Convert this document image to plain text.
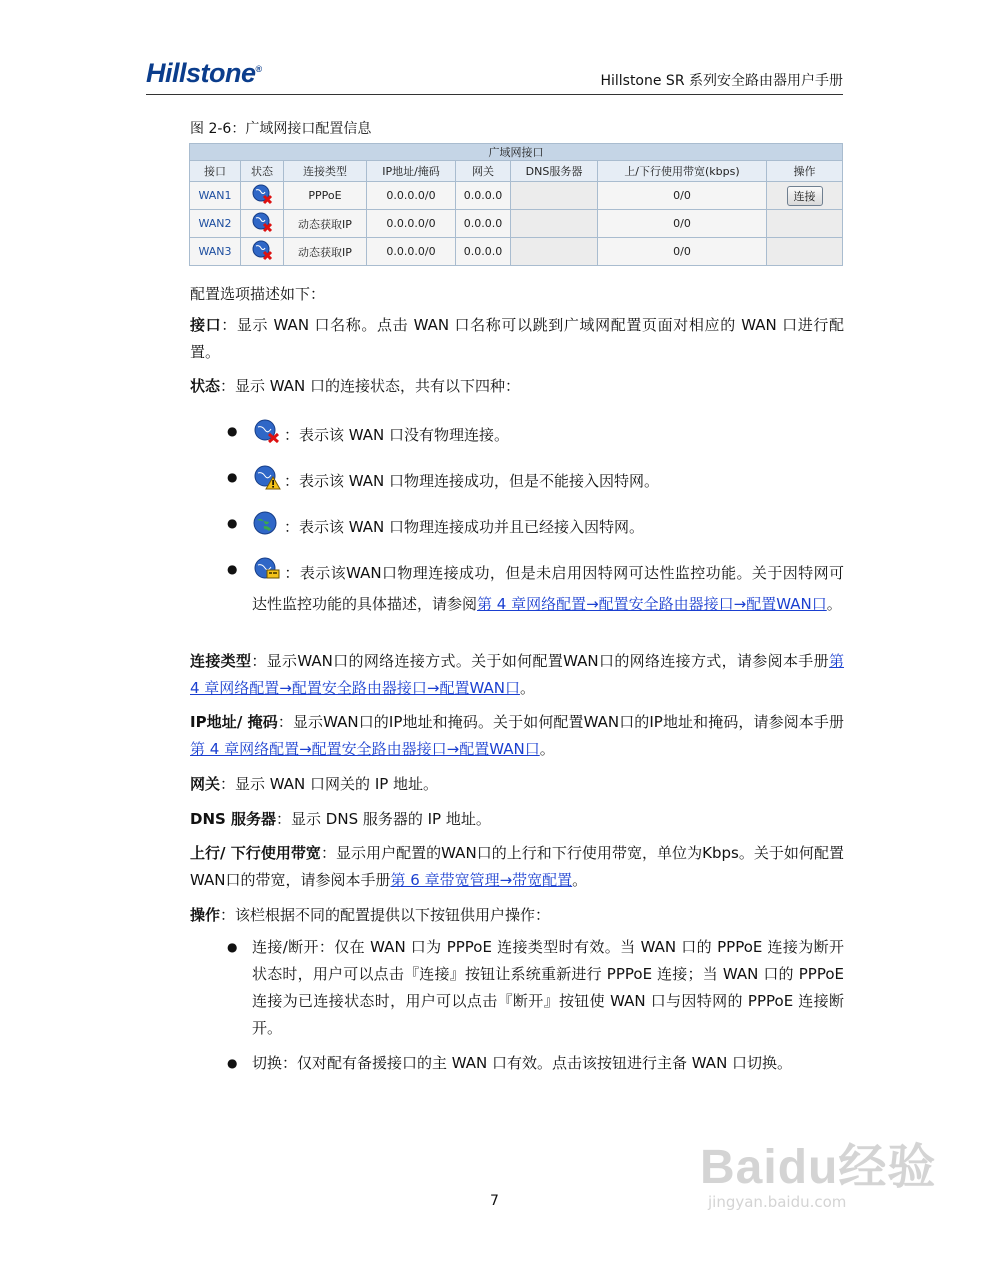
Hillstone®
Hillstone SR 系列安全路由器用户手册
图 2-6：广域网接口配置信息
广域网接口							
接口	状态	连接类型	IP地址/掩码	网关	DNS服务器	上/下行使用带宽(kbps)	操作
WAN1		PPPoE	0.0.0.0/0	0.0.0.0		0/0	连接
WAN2		动态获取IP	0.0.0.0/0	0.0.0.0		0/0	
WAN3		动态获取IP	0.0.0.0/0	0.0.0.0		0/0	
配置选项描述如下：
接口：显示 WAN 口名称。点击 WAN 口名称可以跳到广域网配置页面对相应的 WAN 口进行配置。
状态：显示 WAN 口的连接状态，共有以下四种：
●	：表示该 WAN 口没有物理连接。
●	：表示该 WAN 口物理连接成功，但是不能接入因特网。
●	：表示该 WAN 口物理连接成功并且已经接入因特网。
●	：表示该WAN口物理连接成功，但是未启用因特网可达性监控功能。关于因特网可达性监控功能的具体描述，请参阅第 4 章网络配置→配置安全路由器接口→配置WAN口。
连接类型：显示WAN口的网络连接方式。关于如何配置WAN口的网络连接方式，请参阅本手册第 4 章网络配置→配置安全路由器接口→配置WAN口。
IP地址/ 掩码：显示WAN口的IP地址和掩码。关于如何配置WAN口的IP地址和掩码，请参阅本手册第 4 章网络配置→配置安全路由器接口→配置WAN口。
网关：显示 WAN 口网关的 IP 地址。
DNS 服务器：显示 DNS 服务器的 IP 地址。
上行/ 下行使用带宽：显示用户配置的WAN口的上行和下行使用带宽，单位为Kbps。关于如何配置WAN口的带宽，请参阅本手册第 6 章带宽管理→带宽配置。
操作：该栏根据不同的配置提供以下按钮供用户操作：
● 连接/断开：仅在 WAN 口为 PPPoE 连接类型时有效。当 WAN 口的 PPPoE 连接为断开状态时，用户可以点击『连接』按钮让系统重新进行 PPPoE 连接；当 WAN 口的 PPPoE 连接为已连接状态时，用户可以点击『断开』按钮使 WAN 口与因特网的 PPPoE 连接断开。
● 切换：仅对配有备援接口的主 WAN 口有效。点击该按钮进行主备 WAN 口切换。
7
Baidu经验
jingyan.baidu.com
